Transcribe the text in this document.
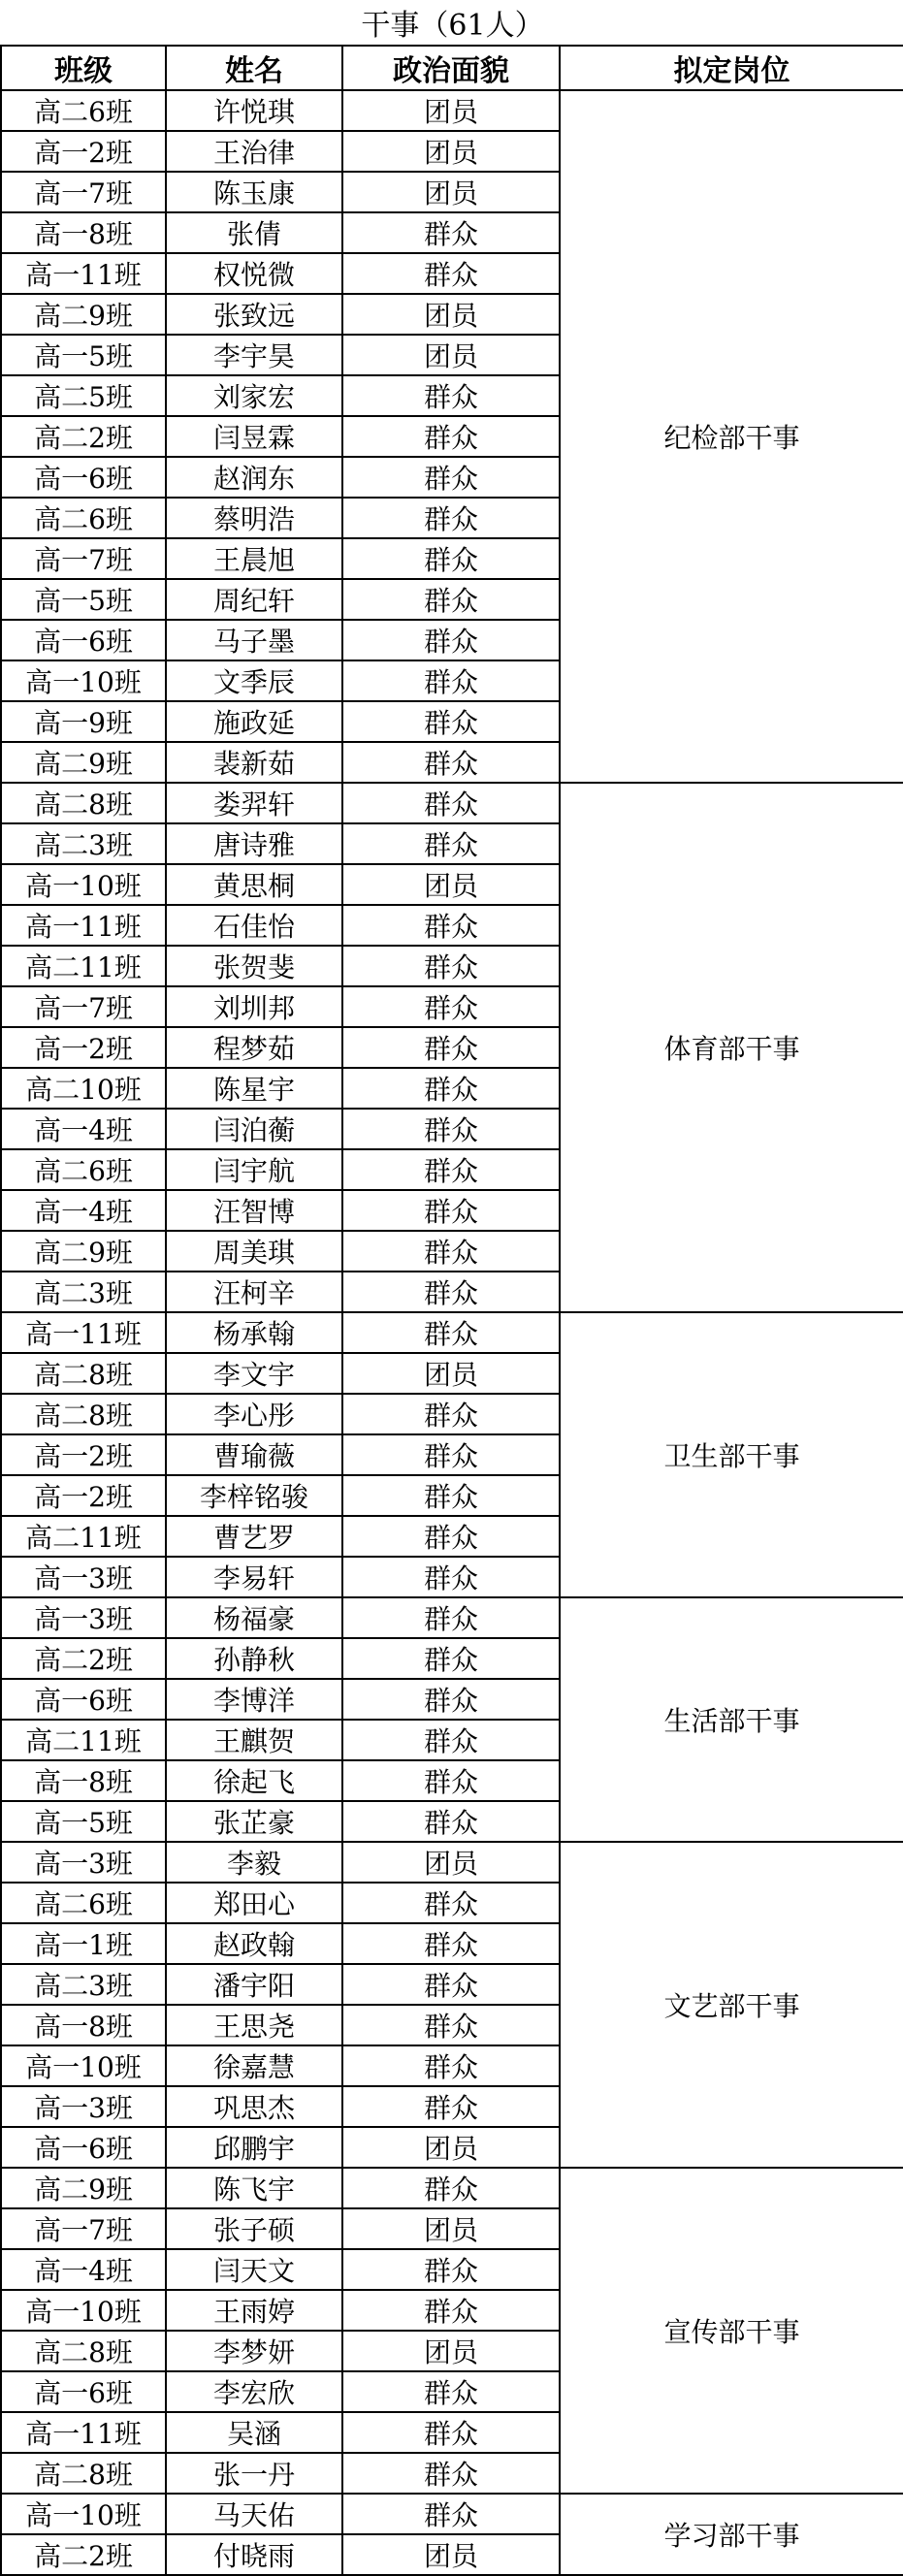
干事（61人）			
班级	姓名	政治面貌	拟定岗位
高二6班	许悦琪	团员	纪检部干事
高一2班	王治律	团员	
高一7班	陈玉康	团员	
高一8班	张倩	群众	
高一11班	权悦微	群众	
高二9班	张致远	团员	
高一5班	李宇昊	团员	
高二5班	刘家宏	群众	
高二2班	闫昱霖	群众	
高一6班	赵润东	群众	
高二6班	蔡明浩	群众	
高一7班	王晨旭	群众	
高一5班	周纪轩	群众	
高一6班	马子墨	群众	
高一10班	文季辰	群众	
高一9班	施政延	群众	
高二9班	裴新茹	群众	
高二8班	娄羿轩	群众	体育部干事
高二3班	唐诗雅	群众	
高一10班	黄思桐	团员	
高一11班	石佳怡	群众	
高二11班	张贺斐	群众	
高一7班	刘圳邦	群众	
高一2班	程梦茹	群众	
高二10班	陈星宇	群众	
高一4班	闫泊蘅	群众	
高二6班	闫宇航	群众	
高一4班	汪智博	群众	
高二9班	周美琪	群众	
高二3班	汪柯辛	群众	
高一11班	杨承翰	群众	卫生部干事
高二8班	李文宇	团员	
高二8班	李心彤	群众	
高一2班	曹瑜薇	群众	
高一2班	李梓铭骏	群众	
高二11班	曹艺罗	群众	
高一3班	李易轩	群众	
高一3班	杨福豪	群众	生活部干事
高二2班	孙静秋	群众	
高一6班	李博洋	群众	
高二11班	王麒贺	群众	
高一8班	徐起飞	群众	
高一5班	张芷豪	群众	
高一3班	李毅	团员	文艺部干事
高二6班	郑田心	群众	
高一1班	赵政翰	群众	
高二3班	潘宇阳	群众	
高一8班	王思尧	群众	
高一10班	徐嘉慧	群众	
高一3班	巩思杰	群众	
高一6班	邱鹏宇	团员	
高二9班	陈飞宇	群众	宣传部干事
高一7班	张子硕	团员	
高一4班	闫天文	群众	
高一10班	王雨婷	群众	
高二8班	李梦妍	团员	
高一6班	李宏欣	群众	
高一11班	吴涵	群众	
高二8班	张一丹	群众	
高一10班	马天佑	群众	学习部干事
高二2班	付晓雨	团员	
